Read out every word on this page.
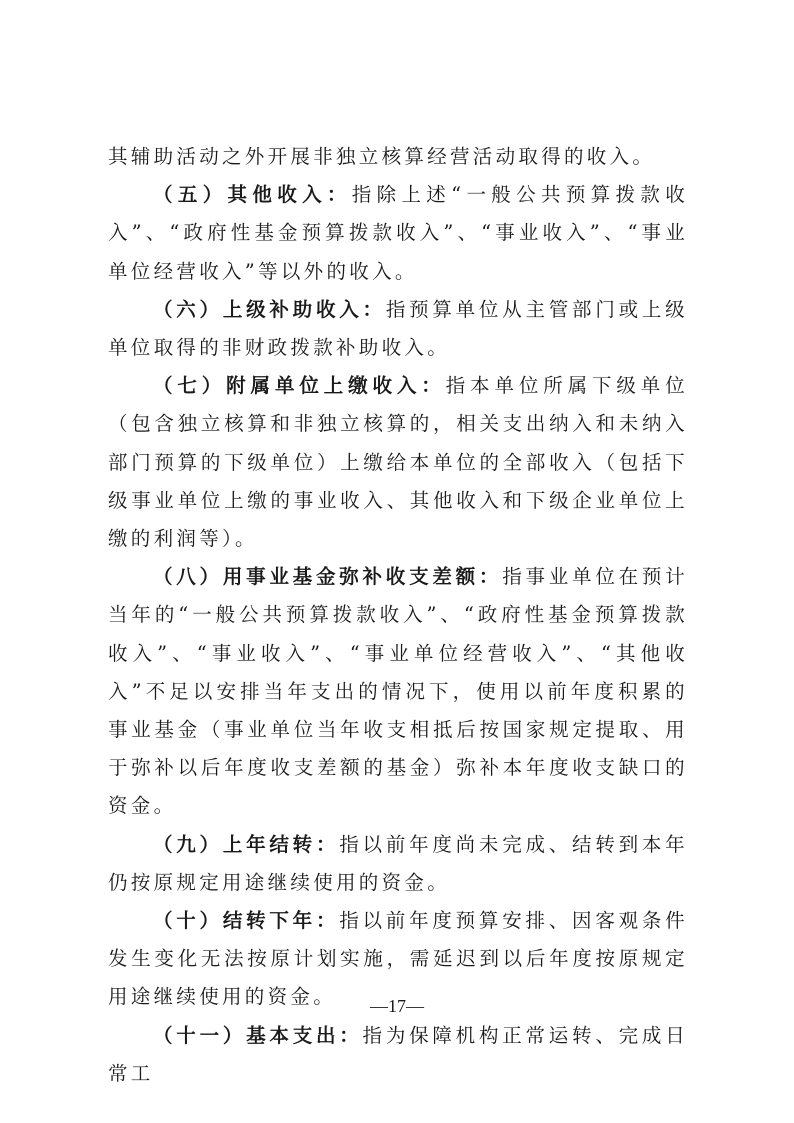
其辅助活动之外开展非独立核算经营活动取得的收入。

（五）其他收入：指除上述“一般公共预算拨款收入”、“政府性基金预算拨款收入”、“事业收入”、“事业单位经营收入”等以外的收入。

（六）上级补助收入：指预算单位从主管部门或上级单位取得的非财政拨款补助收入。

（七）附属单位上缴收入：指本单位所属下级单位（包含独立核算和非独立核算的，相关支出纳入和未纳入部门预算的下级单位）上缴给本单位的全部收入（包括下级事业单位上缴的事业收入、其他收入和下级企业单位上缴的利润等）。

（八）用事业基金弥补收支差额：指事业单位在预计当年的“一般公共预算拨款收入”、“政府性基金预算拨款收入”、“事业收入”、“事业单位经营收入”、“其他收入”不足以安排当年支出的情况下，使用以前年度积累的事业基金（事业单位当年收支相抵后按国家规定提取、用于弥补以后年度收支差额的基金）弥补本年度收支缺口的资金。

（九）上年结转：指以前年度尚未完成、结转到本年仍按原规定用途继续使用的资金。

（十）结转下年：指以前年度预算安排、因客观条件发生变化无法按原计划实施，需延迟到以后年度按原规定用途继续使用的资金。

（十一）基本支出：指为保障机构正常运转、完成日常工

—17—
